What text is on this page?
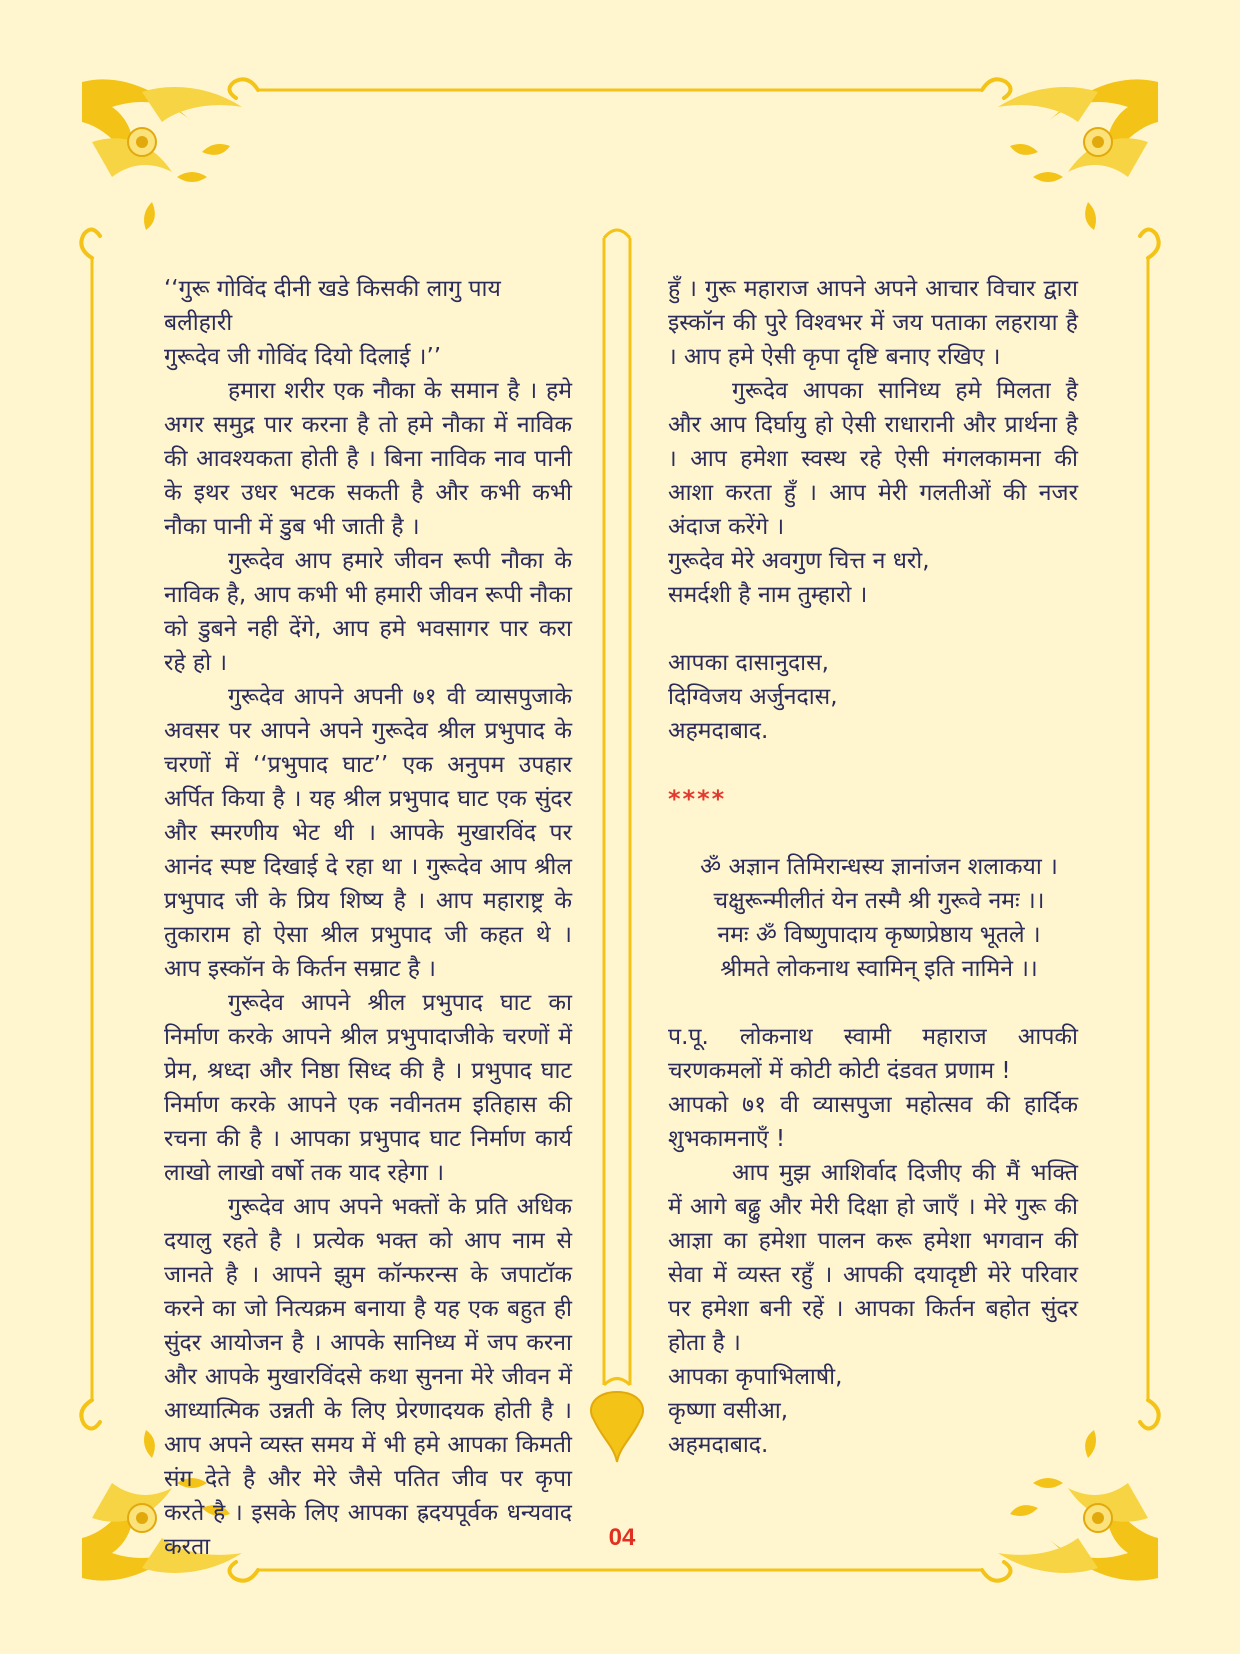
‘‘गुरू गोविंद दीनी खडे किसकी लागु पाय बलीहारी
गुरूदेव जी गोविंद दियो दिलाई ।’’

हमारा शरीर एक नौका के समान है । हमे अगर समुद्र पार करना है तो हमे नौका में नाविक की आवश्यकता होती है । बिना नाविक नाव पानी के इथर उधर भटक सकती है और कभी कभी नौका पानी में डुब भी जाती है ।

गुरूदेव आप हमारे जीवन रूपी नौका के नाविक है, आप कभी भी हमारी जीवन रूपी नौका को डुबने नही देंगे, आप हमे भवसागर पार करा रहे हो ।

गुरूदेव आपने अपनी ७१ वी व्यासपुजाके अवसर पर आपने अपने गुरूदेव श्रील प्रभुपाद के चरणों में ‘‘प्रभुपाद घाट’’ एक अनुपम उपहार अर्पित किया है । यह श्रील प्रभुपाद घाट एक सुंदर और स्मरणीय भेट थी । आपके मुखारविंद पर आनंद स्पष्ट दिखाई दे रहा था । गुरूदेव आप श्रील प्रभुपाद जी के प्रिय शिष्य है । आप महाराष्ट्र के तुकाराम हो ऐसा श्रील प्रभुपाद जी कहत थे । आप इस्कॉन के किर्तन सम्राट है ।

गुरूदेव आपने श्रील प्रभुपाद घाट का निर्माण करके आपने श्रील प्रभुपादाजीके चरणों में प्रेम, श्रध्दा और निष्ठा सिध्द की है । प्रभुपाद घाट निर्माण करके आपने एक नवीनतम इतिहास की रचना की है । आपका प्रभुपाद घाट निर्माण कार्य लाखो लाखो वर्षो तक याद रहेगा ।

गुरूदेव आप अपने भक्तों के प्रति अधिक दयालु रहते है । प्रत्येक भक्त को आप नाम से जानते है । आपने झुम कॉन्फरन्स के जपाटॉक करने का जो नित्यक्रम बनाया है यह एक बहुत ही सुंदर आयोजन है । आपके सानिध्य में जप करना और आपके मुखारविंदसे कथा सुनना मेरे जीवन में आध्यात्मिक उन्नती के लिए प्रेरणादयक होती है । आप अपने व्यस्त समय में भी हमे आपका किमती संग देते है और मेरे जैसे पतित जीव पर कृपा करते है । इसके लिए आपका ह्रदयपूर्वक धन्यवाद करता

हुँ । गुरू महाराज आपने अपने आचार विचार द्वारा इस्कॉन की पुरे विश्वभर में जय पताका लहराया है । आप हमे ऐसी कृपा दृष्टि बनाए रखिए ।

गुरूदेव आपका सानिध्य हमे मिलता है और आप दिर्घायु हो ऐसी राधारानी और प्रार्थना है । आप हमेशा स्वस्थ रहे ऐसी मंगलकामना की आशा करता हुँ । आप मेरी गलतीओं की नजर अंदाज करेंगे ।

गुरूदेव मेरे अवगुण चित्त न धरो,
समर्दशी है नाम तुम्हारो ।
आपका दासानुदास,
दिग्विजय अर्जुनदास,
अहमदाबाद.
****
ॐ अज्ञान तिमिरान्धस्य ज्ञानांजन शलाकया ।
चक्षुरून्मीलीतं येन तस्मै श्री गुरूवे नमः ।।
नमः ॐ विष्णुपादाय कृष्णप्रेष्ठाय भूतले ।
श्रीमते लोकनाथ स्वामिन् इति नामिने ।।

प.पू. लोकनाथ स्वामी महाराज आपकी चरणकमलों में कोटी कोटी दंडवत प्रणाम !

आपको ७१ वी व्यासपुजा महोत्सव की हार्दिक शुभकामनाएँ !

आप मुझ आशिर्वाद दिजीए की मैं भक्ति में आगे बढ्ढु और मेरी दिक्षा हो जाएँ । मेरे गुरू की आज्ञा का हमेशा पालन करू हमेशा भगवान की सेवा में व्यस्त रहुँ । आपकी दयादृष्टी मेरे परिवार पर हमेशा बनी रहें । आपका किर्तन बहोत सुंदर होता है ।

आपका कृपाभिलाषी,
कृष्णा वसीआ,
अहमदाबाद.
04
